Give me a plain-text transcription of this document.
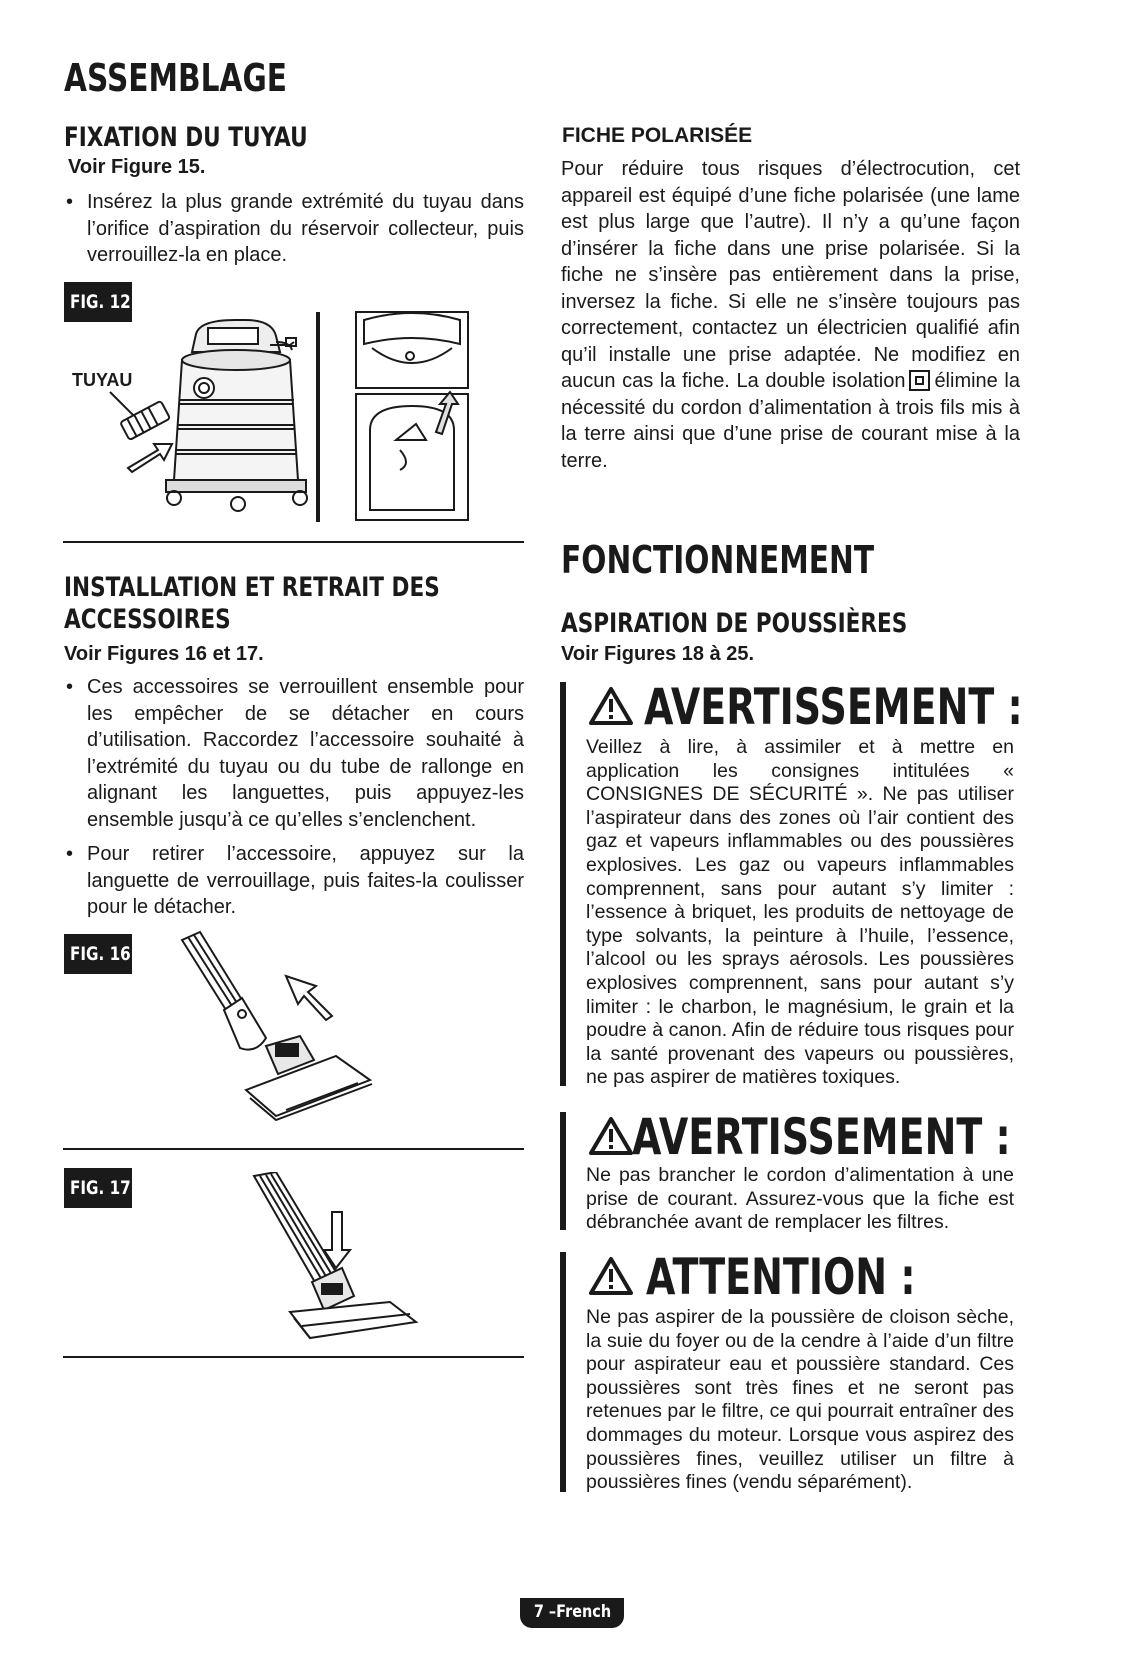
ASSEMBLAGE
FIXATION DU TUYAU
Voir Figure 15.
• Insérez la plus grande extrémité du tuyau dans l’orifice d’aspiration du réservoir collecteur, puis verrouillez-la en place.
FIG. 12
TUYAU
INSTALLATION ET RETRAIT DES
ACCESSOIRES
Voir Figures 16 et 17.
• Ces accessoires se verrouillent ensemble pour les empêcher de se détacher en cours d’utilisation. Raccordez l’accessoire souhaité à l’extrémité du tuyau ou du tube de rallonge en alignant les languettes, puis appuyez-les ensemble jusqu’à ce qu’elles s’enclenchent.
• Pour retirer l’accessoire, appuyez sur la languette de verrouillage, puis faites-la coulisser pour le détacher.
FIG. 16
FIG. 17
FICHE POLARISÉE

Pour réduire tous risques d’électrocution, cet appareil est équipé d’une fiche polarisée (une lame est plus large que l’autre). Il n’y a qu’une façon d’insérer la fiche dans une prise polarisée. Si la fiche ne s’insère pas entièrement dans la prise, inversez la fiche. Si elle ne s’insère toujours pas correctement, contactez un électricien qualifié afin qu’il installe une prise adaptée. Ne modifiez en aucun cas la fiche. La double isolation élimine la nécessité du cordon d’alimentation à trois fils mis à la terre ainsi que d’une prise de courant mise à la terre.

FONCTIONNEMENT
ASPIRATION DE POUSSIÈRES
Voir Figures 18 à 25.
AVERTISSEMENT :

Veillez à lire, à assimiler et à mettre en application les consignes intitulées « CONSIGNES DE SÉCURITÉ ». Ne pas utiliser l’aspirateur dans des zones où l’air contient des gaz et vapeurs inflammables ou des poussières explosives. Les gaz ou vapeurs inflammables comprennent, sans pour autant s’y limiter : l’essence à briquet, les produits de nettoyage de type solvants, la peinture à l’huile, l’essence, l’alcool ou les sprays aérosols. Les poussières explosives comprennent, sans pour autant s’y limiter : le charbon, le magnésium, le grain et la poudre à canon. Afin de réduire tous risques pour la santé provenant des vapeurs ou poussières, ne pas aspirer de matières toxiques.

AVERTISSEMENT :

Ne pas brancher le cordon d’alimentation à une prise de courant. Assurez-vous que la fiche est débranchée avant de remplacer les filtres.

ATTENTION :

Ne pas aspirer de la poussière de cloison sèche, la suie du foyer ou de la cendre à l’aide d’un filtre pour aspirateur eau et poussière standard. Ces poussières sont très fines et ne seront pas retenues par le filtre, ce qui pourrait entraîner des dommages du moteur. Lorsque vous aspirez des poussières fines, veuillez utiliser un filtre à poussières fines (vendu séparément).

7 –French
